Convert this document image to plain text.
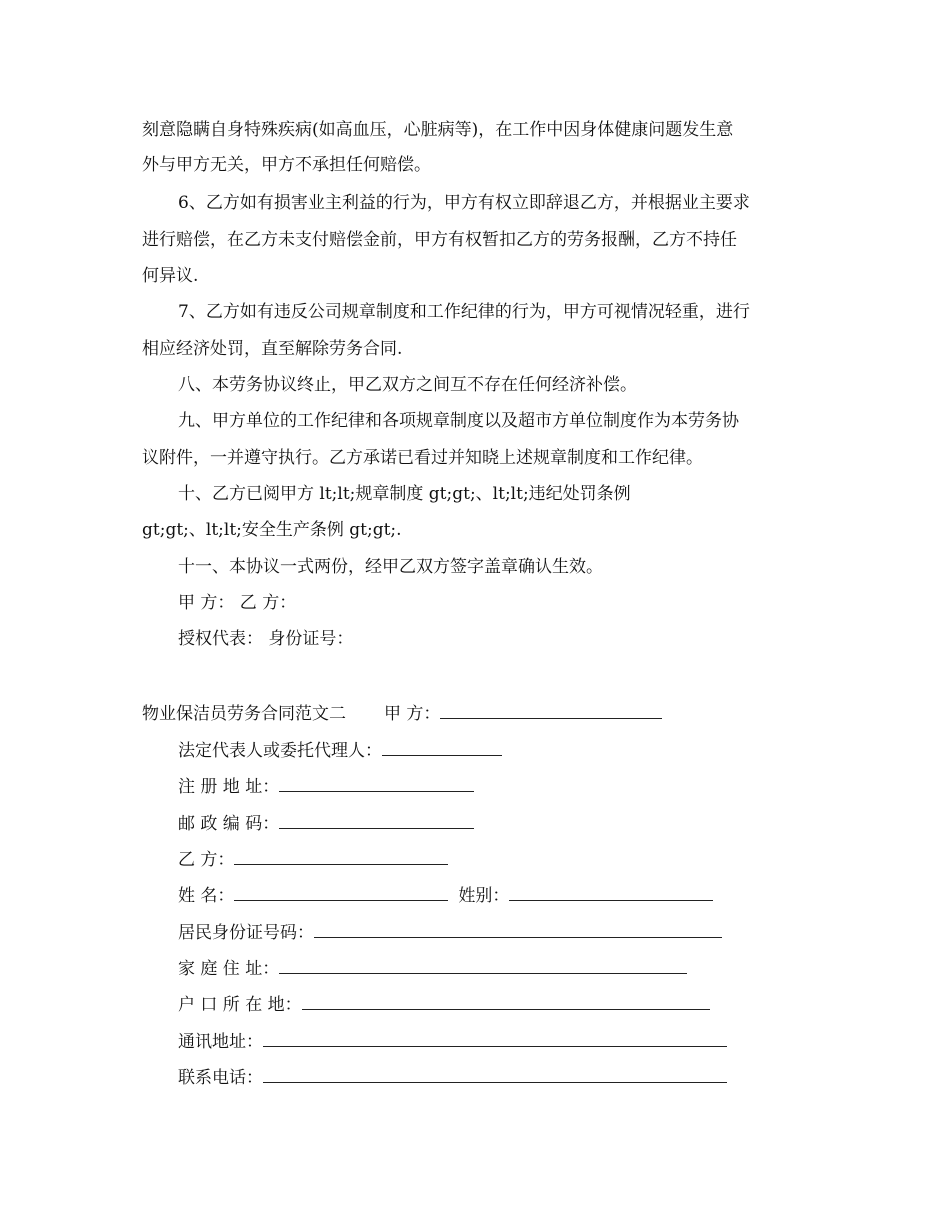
刻意隐瞒自身特殊疾病(如高血压，心脏病等)，在工作中因身体健康问题发生意
外与甲方无关，甲方不承担任何赔偿。
6、乙方如有损害业主利益的行为，甲方有权立即辞退乙方，并根据业主要求
进行赔偿，在乙方未支付赔偿金前，甲方有权暂扣乙方的劳务报酬，乙方不持任
何异议.
7、乙方如有违反公司规章制度和工作纪律的行为，甲方可视情况轻重，进行
相应经济处罚，直至解除劳务合同.
八、本劳务协议终止，甲乙双方之间互不存在任何经济补偿。
九、甲方单位的工作纪律和各项规章制度以及超市方单位制度作为本劳务协
议附件，一并遵守执行。乙方承诺已看过并知晓上述规章制度和工作纪律。
十、乙方已阅甲方 lt;lt;规章制度 gt;gt;、lt;lt;违纪处罚条例
gt;gt;、lt;lt;安全生产条例 gt;gt;.
十一、本协议一式两份，经甲乙双方签字盖章确认生效。
甲 方： 乙 方：
授权代表： 身份证号：
物业保洁员劳务合同范文二 甲 方：
法定代表人或委托代理人：
注 册 地 址：
邮 政 编 码：
乙 方：
姓 名：	姓别：
居民身份证号码：
家 庭 住 址：
户 口 所 在 地：
通讯地址：
联系电话：
